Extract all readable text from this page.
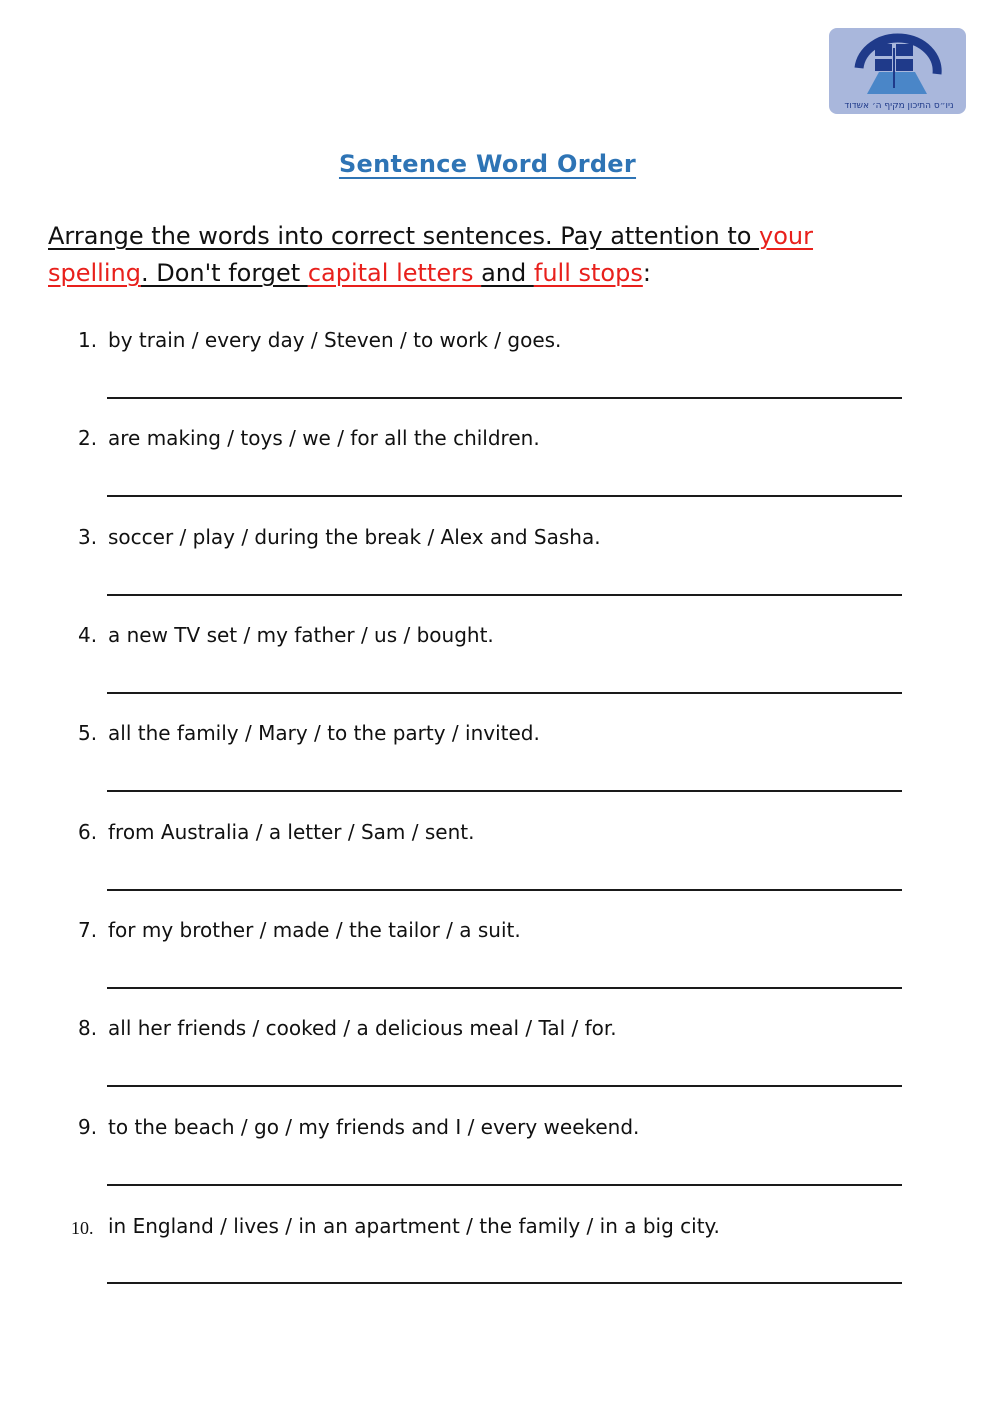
ניו״ס התיכון מקיף ה׳ אשדוד
Sentence Word Order
Arrange the words into correct sentences. Pay attention to your spelling. Don't forget capital letters and full stops:
1. by train / every day / Steven / to work / goes.
2. are making / toys / we / for all the children.
3. soccer / play / during the break / Alex and Sasha.
4. a new TV set / my father / us / bought.
5. all the family / Mary / to the party / invited.
6. from Australia / a letter / Sam / sent.
7. for my brother / made / the tailor / a suit.
8. all her friends / cooked / a delicious meal / Tal / for.
9. to the beach / go / my friends and I / every weekend.
10. in England / lives / in an apartment / the family / in a big city.
